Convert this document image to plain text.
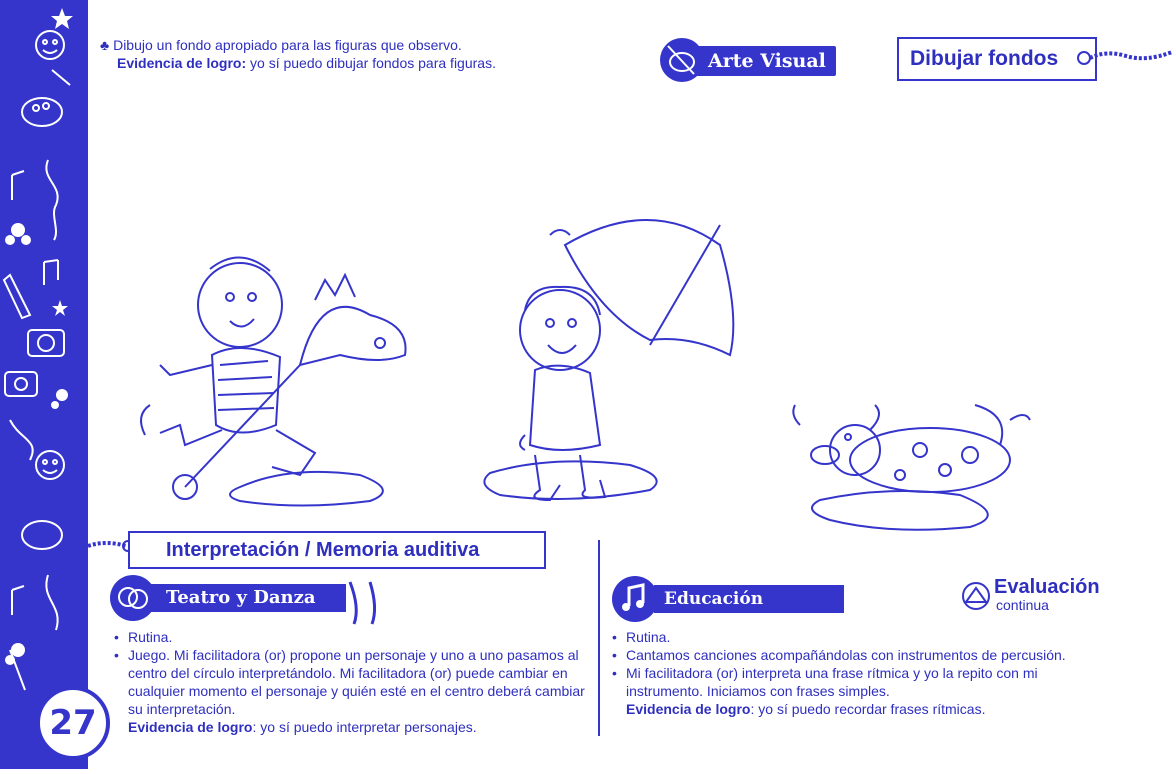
27
♣ Dibujo un fondo apropiado para las figuras que observo.
Evidencia de logro: yo sí puedo dibujar fondos para figuras.	Arte Visual	Dibujar fondos
Interpretación / Memoria auditiva
Teatro y Danza
• Rutina.
• Juego. Mi facilitadora (or) propone un personaje y uno a uno pasamos al centro del círculo interpretándolo. Mi facilitadora (or) puede cambiar en cualquier momento el personaje y quién esté en el centro deberá cambiar su interpretación.
Evidencia de logro: yo sí puedo interpretar personajes.
Educación Musical
Evaluación
continua
• Rutina.
• Cantamos canciones acompañándolas con instrumentos de percusión.
• Mi facilitadora (or) interpreta una frase rítmica y yo la repito con mi instrumento. Iniciamos con frases simples.
Evidencia de logro: yo sí puedo recordar frases rítmicas.
